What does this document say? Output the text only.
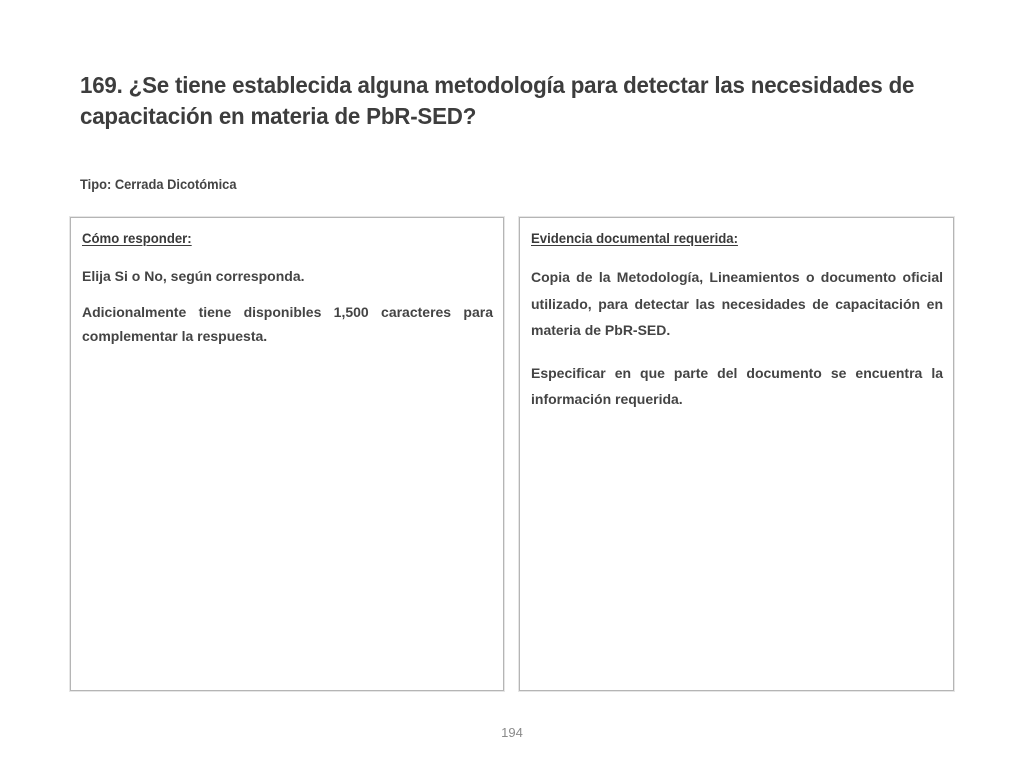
169. ¿Se tiene establecida alguna metodología para detectar las necesidades de capacitación en materia de PbR-SED?
Tipo: Cerrada Dicotómica
Cómo responder:

Elija Si o No, según corresponda.

Adicionalmente tiene disponibles 1,500 caracteres para complementar la respuesta.

Evidencia documental requerida:

Copia de la Metodología, Lineamientos o documento oficial utilizado, para detectar las necesidades de capacitación en materia de PbR-SED.

Especificar en que parte del documento se encuentra la información requerida.

194
